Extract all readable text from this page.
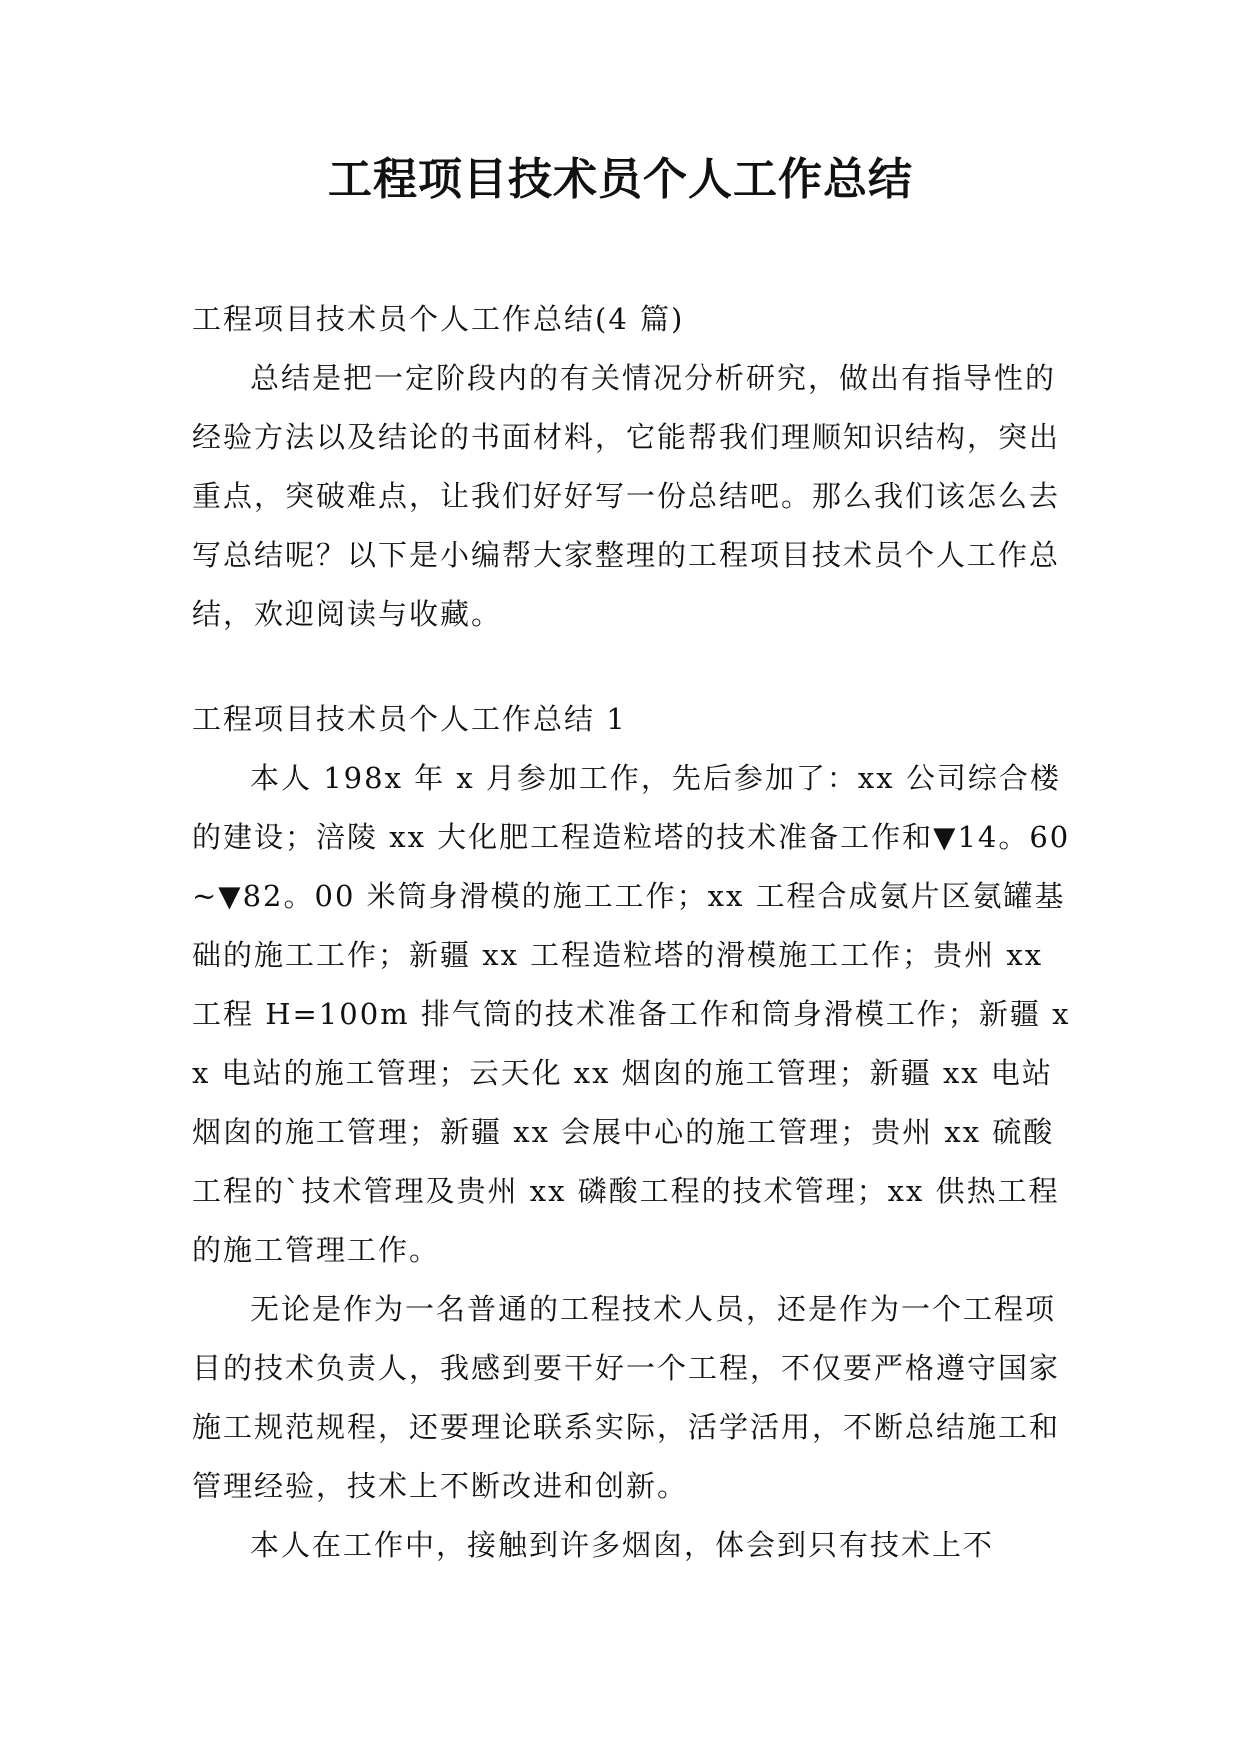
工程项目技术员个人工作总结

工程项目技术员个人工作总结(4 篇)

总结是把一定阶段内的有关情况分析研究，做出有指导性的经验方法以及结论的书面材料，它能帮我们理顺知识结构，突出重点，突破难点，让我们好好写一份总结吧。那么我们该怎么去写总结呢？以下是小编帮大家整理的工程项目技术员个人工作总结，欢迎阅读与收藏。

工程项目技术员个人工作总结 1

本人 198x 年 x 月参加工作，先后参加了：xx 公司综合楼的建设；涪陵 xx 大化肥工程造粒塔的技术准备工作和▼14。60~▼82。00 米筒身滑模的施工工作；xx 工程合成氨片区氨罐基础的施工工作；新疆 xx 工程造粒塔的滑模施工工作；贵州 xx 工程 H=100m 排气筒的技术准备工作和筒身滑模工作；新疆 xx 电站的施工管理；云天化 xx 烟囱的施工管理；新疆 xx 电站烟囱的施工管理；新疆 xx 会展中心的施工管理；贵州 xx 硫酸工程的`技术管理及贵州 xx 磷酸工程的技术管理；xx 供热工程的施工管理工作。

无论是作为一名普通的工程技术人员，还是作为一个工程项目的技术负责人，我感到要干好一个工程，不仅要严格遵守国家施工规范规程，还要理论联系实际，活学活用，不断总结施工和管理经验，技术上不断改进和创新。

本人在工作中，接触到许多烟囱，体会到只有技术上不
